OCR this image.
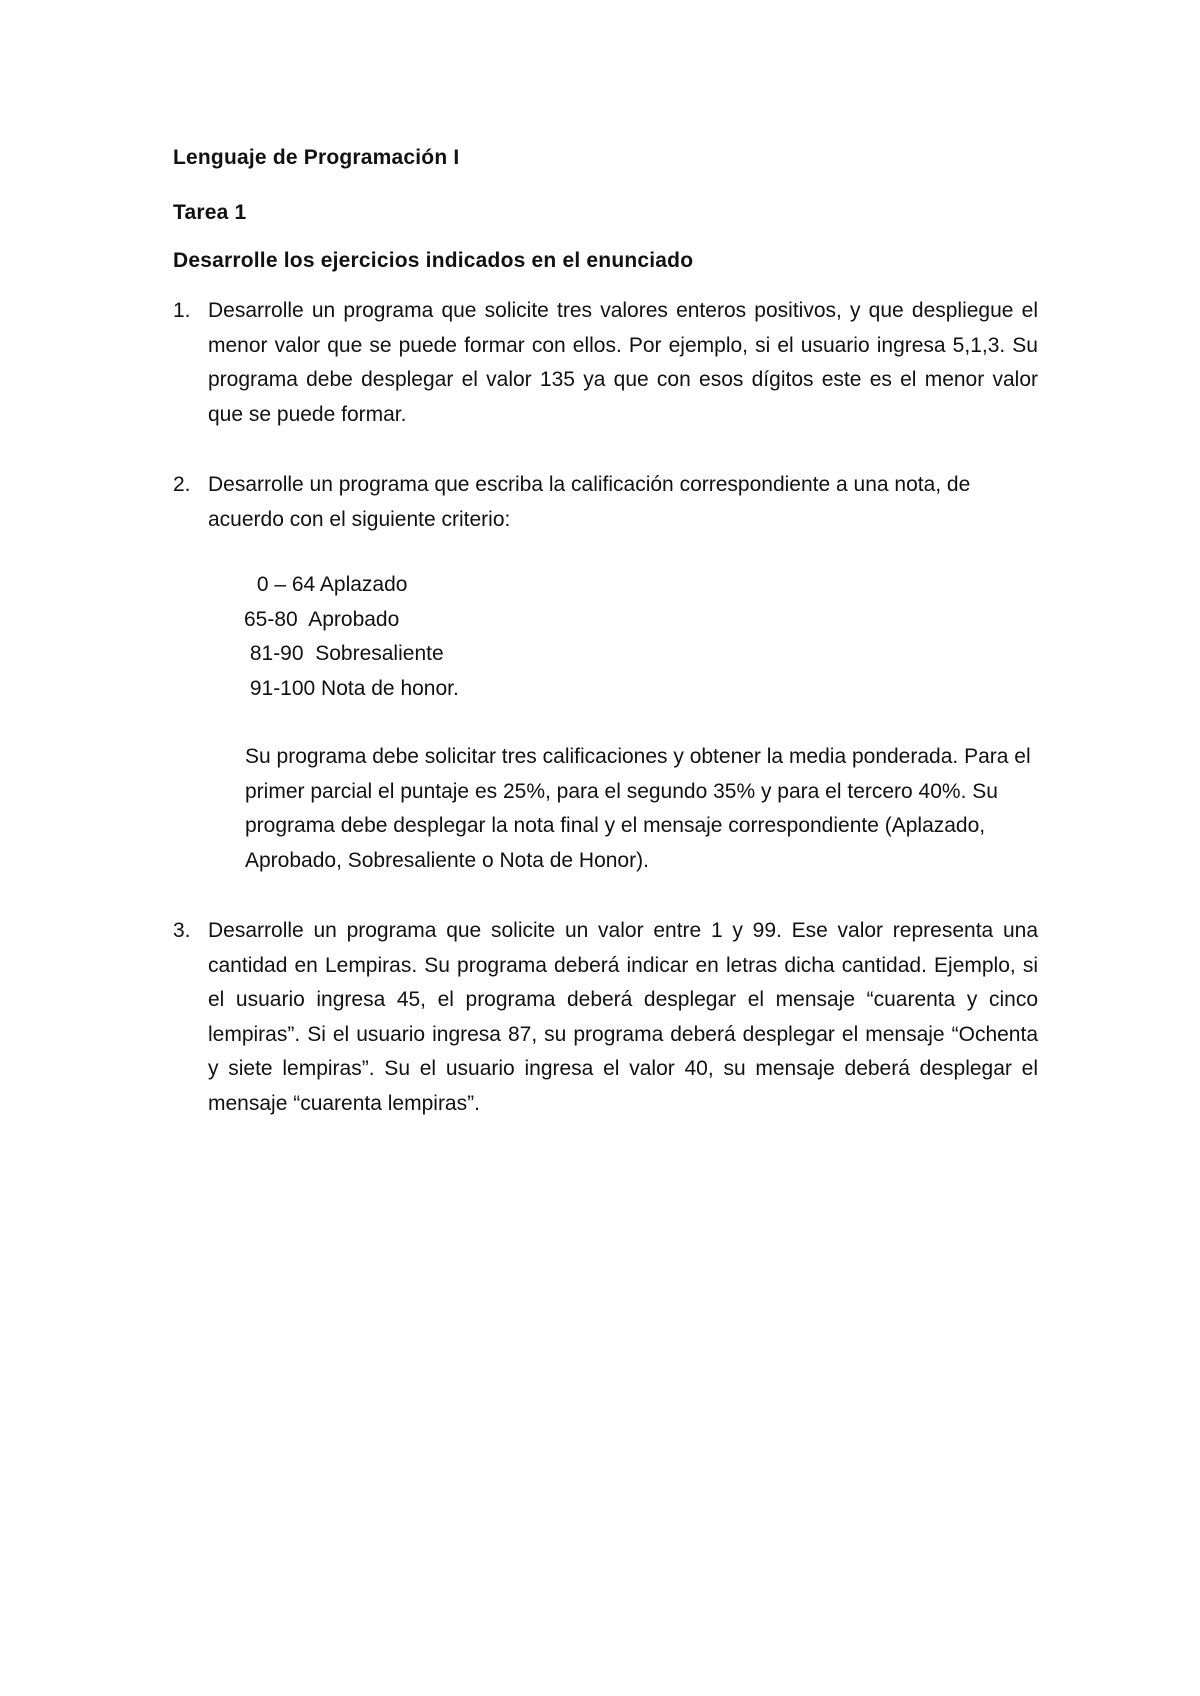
Lenguaje de Programación I
Tarea 1
Desarrolle los ejercicios indicados en el enunciado
1. Desarrolle un programa que solicite tres valores enteros positivos, y que despliegue el menor valor que se puede formar con ellos. Por ejemplo, si el usuario ingresa 5,1,3. Su programa debe desplegar el valor 135 ya que con esos dígitos este es el menor valor que se puede formar.
2. Desarrolle un programa que escriba la calificación correspondiente a una nota, de acuerdo con el siguiente criterio:
0 – 64 Aplazado
65-80  Aprobado
81-90  Sobresaliente
91-100 Nota de honor.
Su programa debe solicitar tres calificaciones y obtener la media ponderada. Para el primer parcial el puntaje es 25%, para el segundo 35% y para el tercero 40%. Su programa debe desplegar la nota final y el mensaje correspondiente (Aplazado, Aprobado, Sobresaliente o Nota de Honor).
3. Desarrolle un programa que solicite un valor entre 1 y 99. Ese valor representa una cantidad en Lempiras. Su programa deberá indicar en letras dicha cantidad. Ejemplo, si el usuario ingresa 45, el programa deberá desplegar el mensaje “cuarenta y cinco lempiras”. Si el usuario ingresa 87, su programa deberá desplegar el mensaje “Ochenta y siete lempiras”. Su el usuario ingresa el valor 40, su mensaje deberá desplegar el mensaje “cuarenta lempiras”.
